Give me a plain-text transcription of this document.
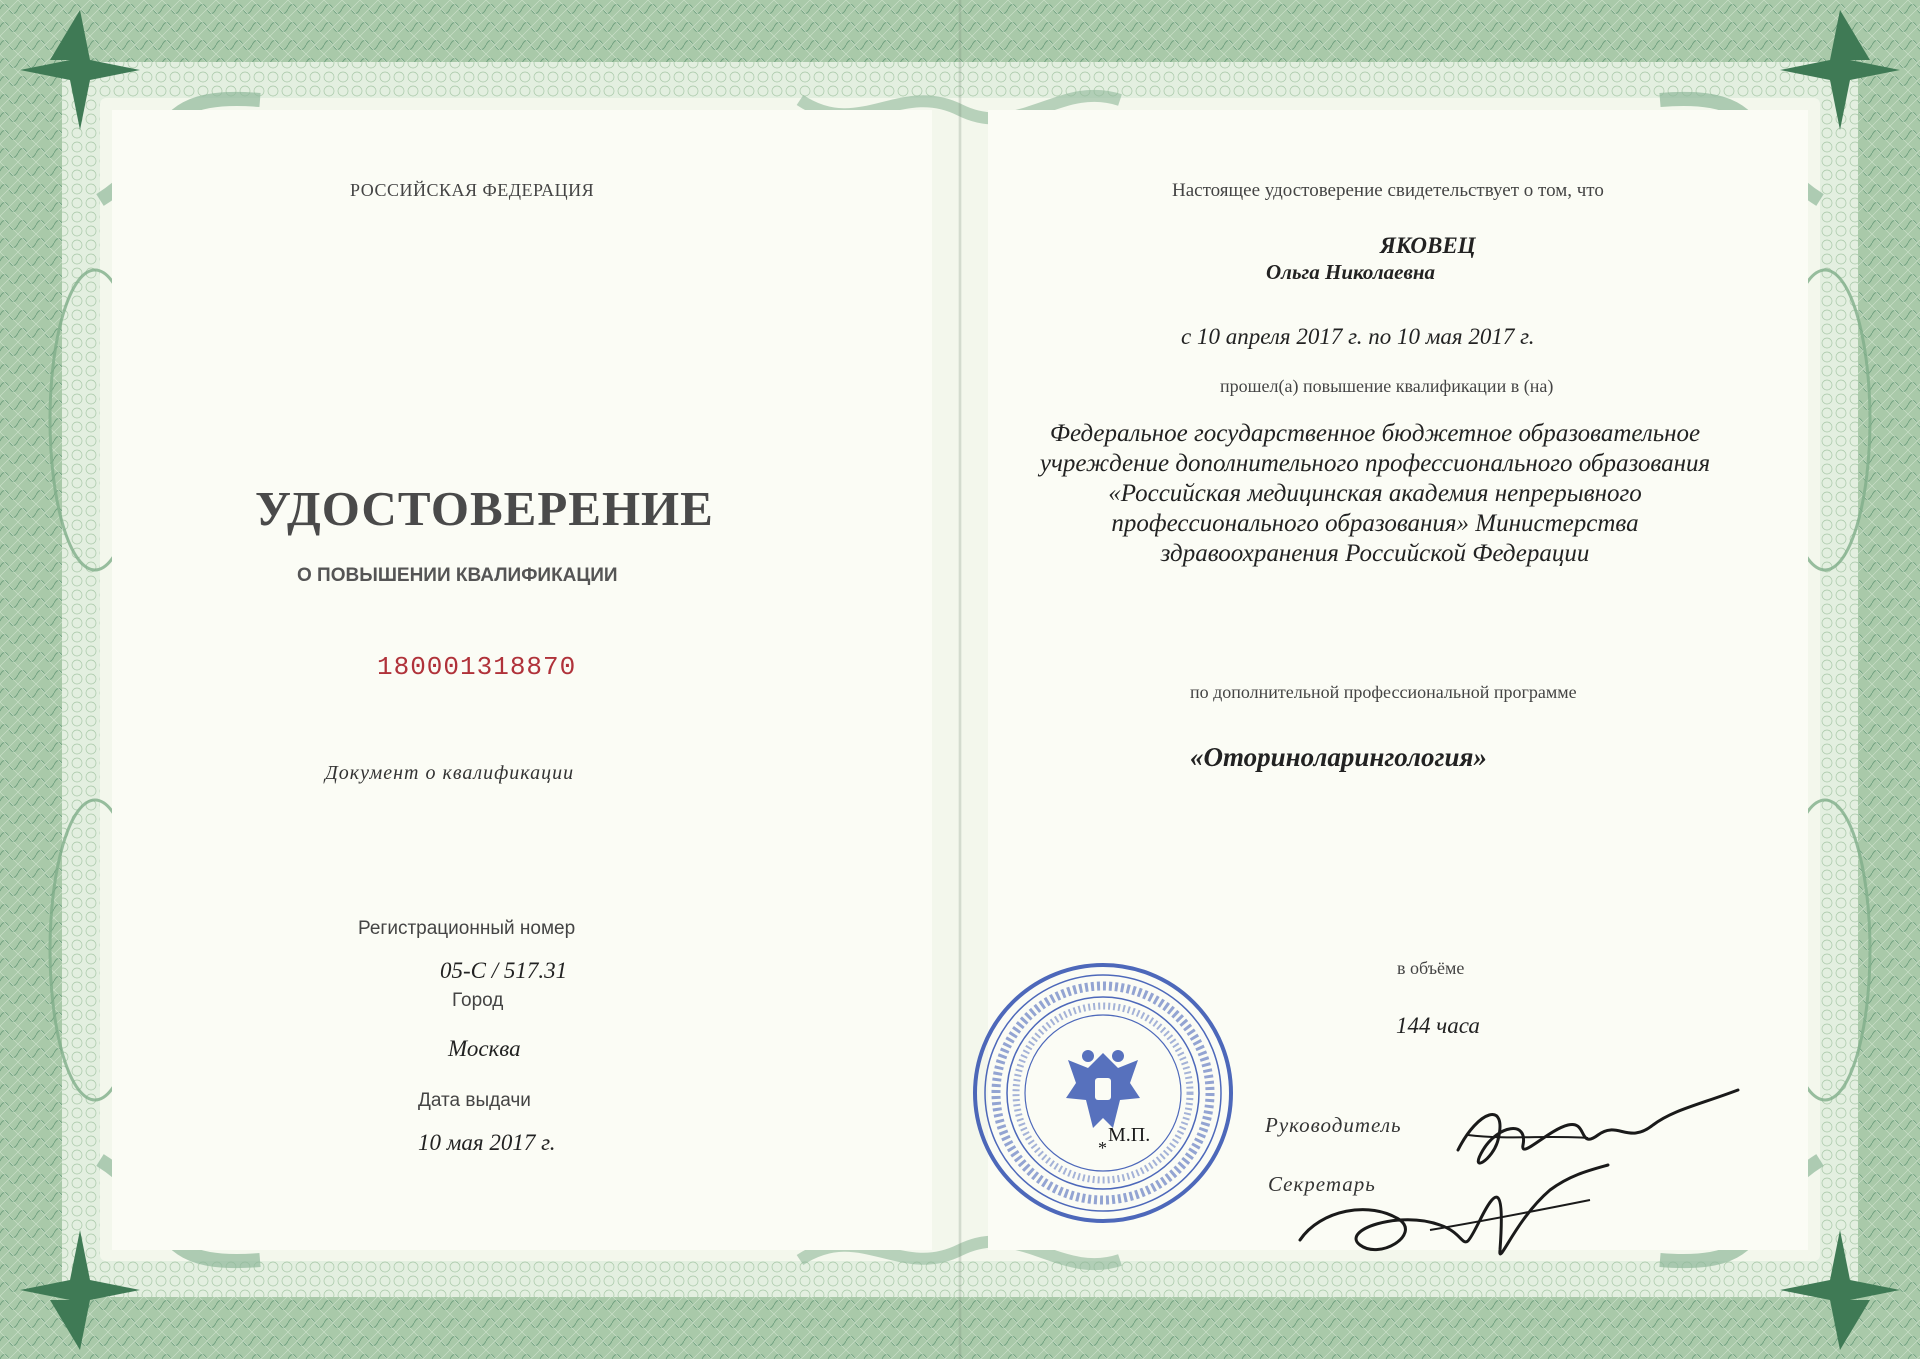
РОССИЙСКАЯ ФЕДЕРАЦИЯ
УДОСТОВЕРЕНИЕ
О ПОВЫШЕНИИ КВАЛИФИКАЦИИ
180001318870
Документ о квалификации
Регистрационный номер
05-С / 517.31
Город
Москва
Дата выдачи
10 мая 2017 г.
Настоящее удостоверение свидетельствует о том, что
ЯКОВЕЦ
Ольга Николаевна
с 10 апреля 2017 г. по 10 мая 2017 г.
прошел(а) повышение квалификации в (на)
Федеральное государственное бюджетное образовательное
учреждение дополнительного профессионального образования
«Российская медицинская академия непрерывного
профессионального образования» Министерства
здравоохранения Российской Федерации
по дополнительной профессиональной программе
«Оториноларингология»
в объёме
144 часа
Руководитель
Секретарь
*
М.П.
